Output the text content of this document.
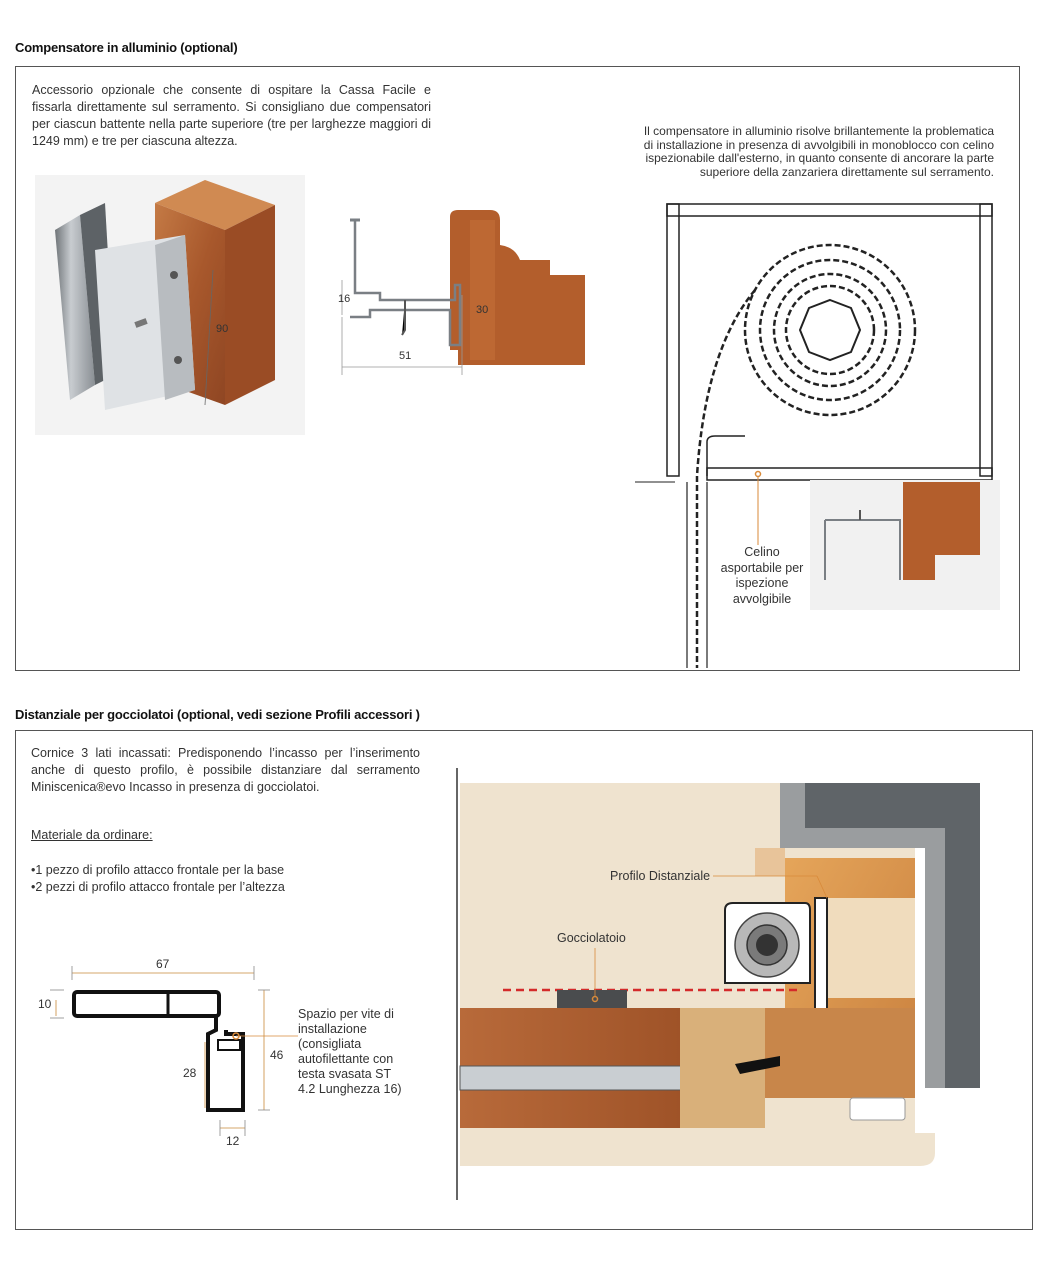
Compensatore in alluminio (optional)
Accessorio opzionale che consente di ospitare la Cassa Facile e fissarla direttamente sul serramento. Si consigliano due compensatori per ciascun battente nella parte superiore (tre per larghezze maggiori di 1249 mm) e tre per ciascuna altezza.
Il compensatore in alluminio risolve brillantemente la problematica di installazione in presenza di avvolgibili in monoblocco con celino ispezionabile dall'esterno, in quanto consente di ancorare la parte superiore della zanzariera direttamente sul serramento.
90
16
30
51
Celino asportabile per ispezione avvolgibile
Distanziale per gocciolatoi (optional, vedi sezione Profili accessori )
Cornice 3 lati incassati: Predisponendo l’incasso per l’inserimento anche di questo profilo, è possibile distanziare dal serramento Miniscenica®evo Incasso in presenza di gocciolatoi.
Materiale da ordinare:
•1 pezzo di profilo attacco frontale per la base
•2 pezzi di profilo attacco frontale per l’altezza
67
10
28
46
12
Spazio per vite di installazione (consigliata autofilettante con testa svasata ST 4.2 Lunghezza 16)
Profilo Distanziale
Gocciolatoio
